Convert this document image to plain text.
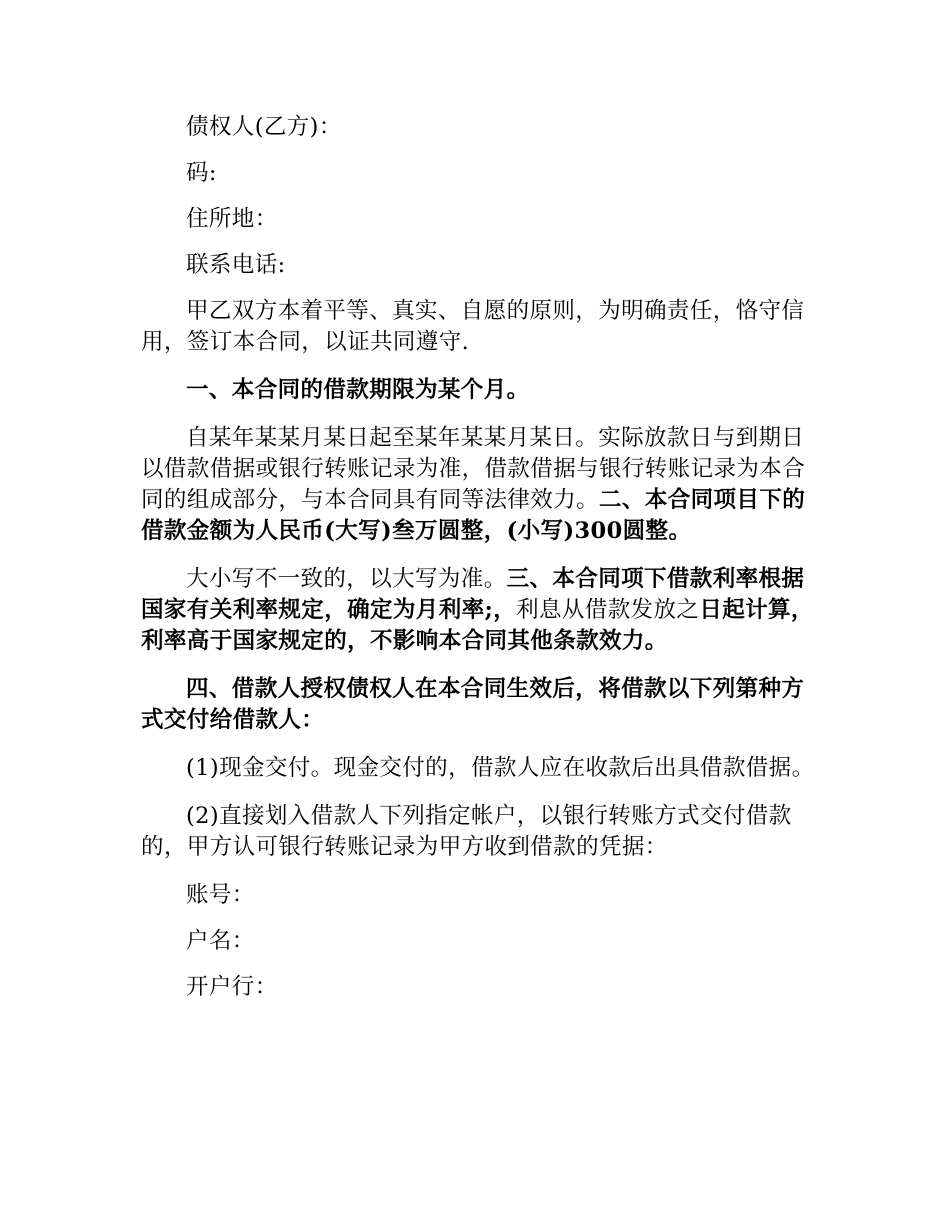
债权人(乙方)：

码:

住所地：

联系电话:

甲乙双方本着平等、真实、自愿的原则，为明确责任，恪守信用，签订本合同，以证共同遵守.

一、本合同的借款期限为某个月。

自某年某某月某日起至某年某某月某日。实际放款日与到期日以借款借据或银行转账记录为准，借款借据与银行转账记录为本合同的组成部分，与本合同具有同等法律效力。二、本合同项目下的借款金额为人民币(大写)叁万圆整，(小写)300圆整。

大小写不一致的，以大写为准。三、本合同项下借款利率根据国家有关利率规定，确定为月利率;，利息从借款发放之日起计算，利率高于国家规定的，不影响本合同其他条款效力。

四、借款人授权债权人在本合同生效后，将借款以下列第种方式交付给借款人：

(1)现金交付。现金交付的，借款人应在收款后出具借款借据。

(2)直接划入借款人下列指定帐户，以银行转账方式交付借款的，甲方认可银行转账记录为甲方收到借款的凭据：

账号：

户名：

开户行：
